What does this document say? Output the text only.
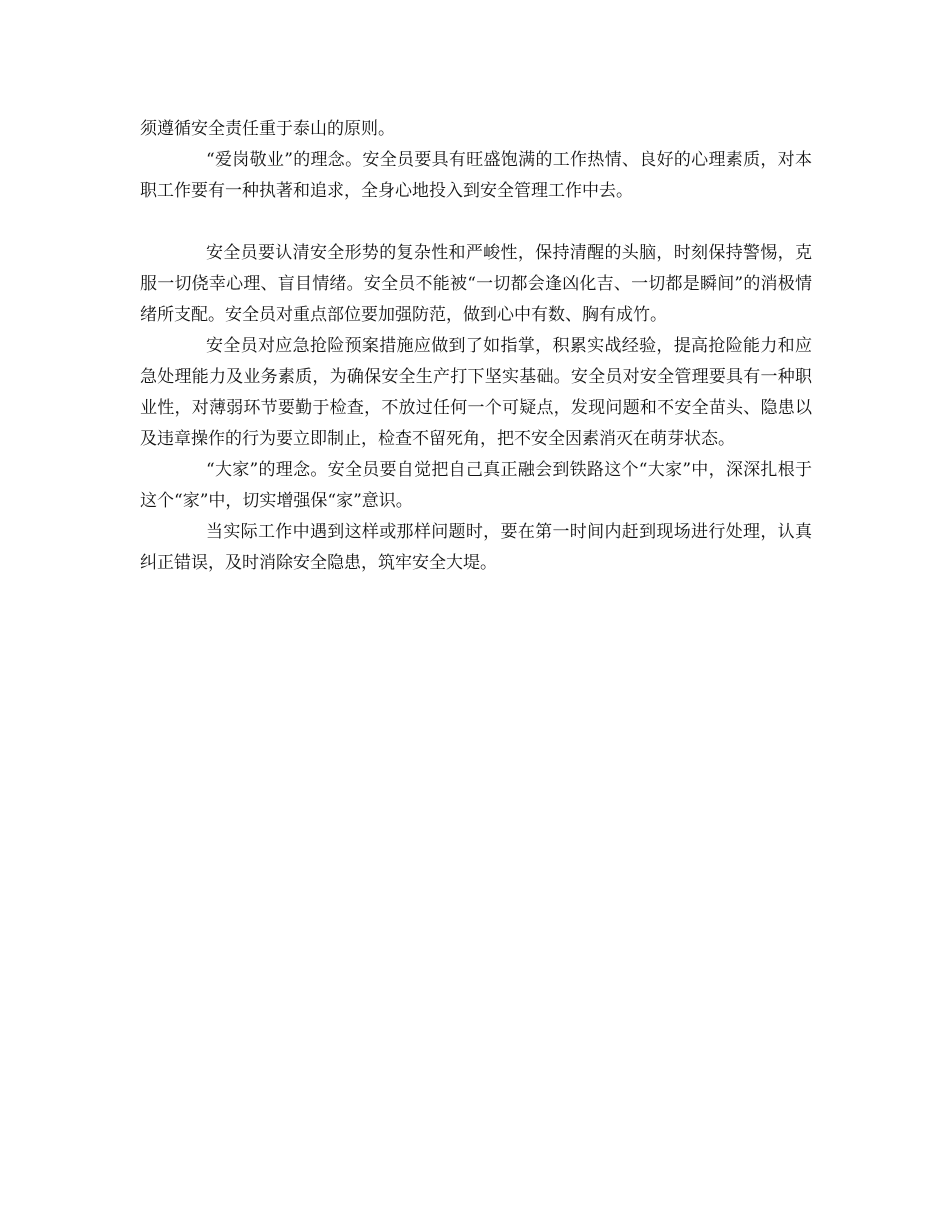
须遵循安全责任重于泰山的原则。

“爱岗敬业”的理念。安全员要具有旺盛饱满的工作热情、良好的心理素质，对本职工作要有一种执著和追求，全身心地投入到安全管理工作中去。

安全员要认清安全形势的复杂性和严峻性，保持清醒的头脑，时刻保持警惕，克服一切侥幸心理、盲目情绪。安全员不能被“一切都会逢凶化吉、一切都是瞬间”的消极情绪所支配。安全员对重点部位要加强防范，做到心中有数、胸有成竹。

安全员对应急抢险预案措施应做到了如指掌，积累实战经验，提高抢险能力和应急处理能力及业务素质，为确保安全生产打下坚实基础。安全员对安全管理要具有一种职业性，对薄弱环节要勤于检查，不放过任何一个可疑点，发现问题和不安全苗头、隐患以及违章操作的行为要立即制止，检查不留死角，把不安全因素消灭在萌芽状态。

“大家”的理念。安全员要自觉把自己真正融会到铁路这个“大家”中，深深扎根于这个“家”中，切实增强保“家”意识。

当实际工作中遇到这样或那样问题时，要在第一时间内赶到现场进行处理，认真纠正错误，及时消除安全隐患，筑牢安全大堤。
